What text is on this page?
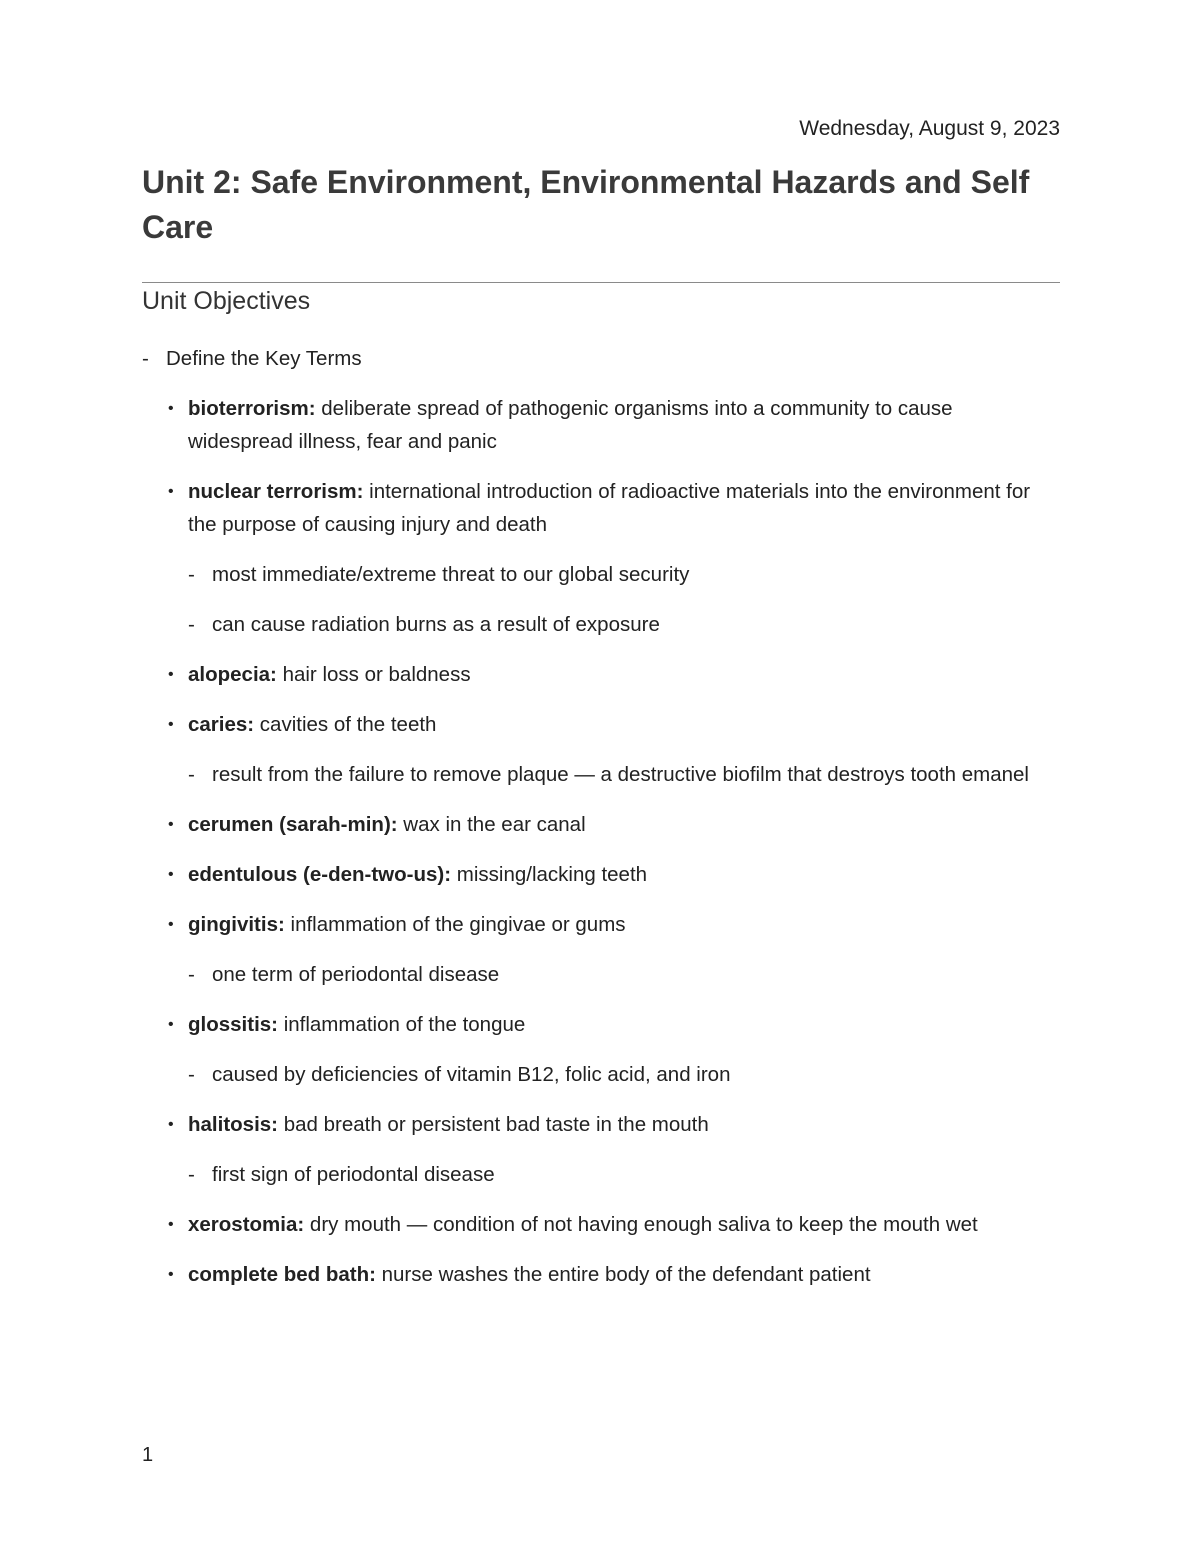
Wednesday, August 9, 2023
Unit 2: Safe Environment, Environmental Hazards and Self Care
Unit Objectives
- Define the Key Terms
• bioterrorism: deliberate spread of pathogenic organisms into a community to cause widespread illness, fear and panic
• nuclear terrorism: international introduction of radioactive materials into the environment for the purpose of causing injury and death
- most immediate/extreme threat to our global security
- can cause radiation burns as a result of exposure
• alopecia: hair loss or baldness
• caries: cavities of the teeth
- result from the failure to remove plaque — a destructive biofilm that destroys tooth emanel
• cerumen (sarah-min): wax in the ear canal
• edentulous (e-den-two-us): missing/lacking teeth
• gingivitis: inflammation of the gingivae or gums
- one term of periodontal disease
• glossitis: inflammation of the tongue
- caused by deficiencies of vitamin B12, folic acid, and iron
• halitosis: bad breath or persistent bad taste in the mouth
- first sign of periodontal disease
• xerostomia: dry mouth — condition of not having enough saliva to keep the mouth wet
• complete bed bath: nurse washes the entire body of the defendant patient
1
